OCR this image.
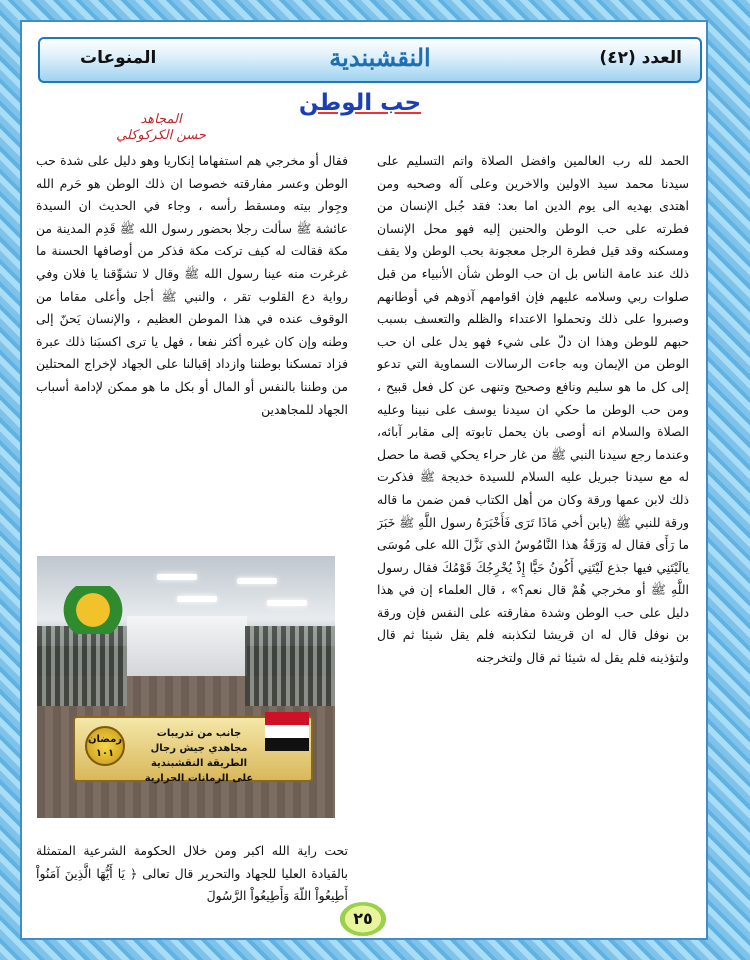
العدد (٤٢)
النقشبندية
المنوعات
حب الوطن
المجاهد
حسن الكركوكلي
الحمد لله رب العالمين وافضل الصلاة واتم التسليم على سيدنا محمد سيد الاولين والاخرين وعلى آله وصحبه ومن اهتدى بهديه الى يوم الدين اما بعد: فقد جُبل الإنسان من فطرته على حب الوطن والحنين إليه فهو محل الإنسان ومسكنه وقد قيل فطرة الرجل معجونة بحب الوطن ولا يقف ذلك عند عامة الناس بل ان حب الوطن شأن الأنبياء من قبل صلوات ربي وسلامه عليهم فإن اقوامهم آذوهم في أوطانهم وصبروا على ذلك وتحملوا الاعتداء والظلم والتعسف بسبب حبهم للوطن وهذا ان دلّ على شيء فهو يدل على ان حب الوطن من الإيمان وبه جاءت الرسالات السماوية التي تدعو إلى كل ما هو سليم ونافع وصحيح وتنهى عن كل فعل قبيح ، ومن حب الوطن ما حكي ان سيدنا يوسف على نبينا وعليه الصلاة والسلام انه أوصى بان يحمل تابوته إلى مقابر آبائه، وعندما رجع سيدنا النبي ﷺ من غار حراء يحكي قصة ما حصل له مع سيدنا جبريل عليه السلام للسيدة خديجة ﷺ فذكرت ذلك لابن عمها ورقة وكان من أهل الكتاب فمن ضمن ما قاله ورقة للنبي ﷺ (يابن أخي مَاذَا تَرَى فَأَخْبَرَهُ رسول اللَّهِ ﷺ خَبَرَ ما رَأَى فقال له وَرَقَةُ هذا النَّامُوسُ الذي نَزَّلَ الله على مُوسَى يالَيْتَنِي فيها جذع لَيْتَنِي أَكُونُ حَيًّا إِذْ يُخْرِجُكَ قَوْمُكَ فقال رسول اللَّهِ ﷺ أو مخرجي هُمْ قال نعم؟» ، قال العلماء إن في هذا دليل على حب الوطن وشدة مفارقته على النفس فإن ورقة بن نوفل قال له ان قريشا لتكذبنه فلم يقل شيئا ثم قال ولتؤذينه فلم يقل له شيئا ثم قال ولتخرجنه
فقال أو مخرجي هم استفهاما إنكاريا وهو دليل على شدة حب الوطن وعسر مفارقته خصوصا ان ذلك الوطن هو حَرم الله وجِوار بيته ومسقط رأسه ، وجاء في الحديث ان السيدة عائشة ﷺ سألت رجلا بحضور رسول الله ﷺ قَدِم المدينة من مكة فقالت له كيف تركت مكة فذكر من أوصافها الحسنة ما غرغرت منه عينا رسول الله ﷺ وقال لا تشوِّقنا يا فلان وفي رواية دع القلوب تقر ، والنبي ﷺ أجل وأعلى مقاما من الوقوف عنده في هذا الموطن العظيم ، والإنسان يَحنّ إلى وطنه وإن كان غيره أكثر نفعا ، فهل يا ترى اكسبَنا ذلك عبرة فزاد تمسكنا بوطننا وازداد إقبالنا على الجهاد لإخراج المحتلين من وطننا بالنفس أو المال أو بكل ما هو ممكن لإدامة أسباب الجهاد للمجاهدين
رمضان
١٠١
جانب من تدريبات مجاهدي جيش رجال الطريقة النقشبندية على الرمانات الحرارية
تحت راية الله اكبر ومن خلال الحكومة الشرعية المتمثلة بالقيادة العليا للجهاد والتحرير قال تعالى ﴿ يَا أَيُّهَا الَّذِينَ آمَنُواْ أَطِيعُواْ اللّهَ وَأَطِيعُواْ الرَّسُولَ
٢٥
